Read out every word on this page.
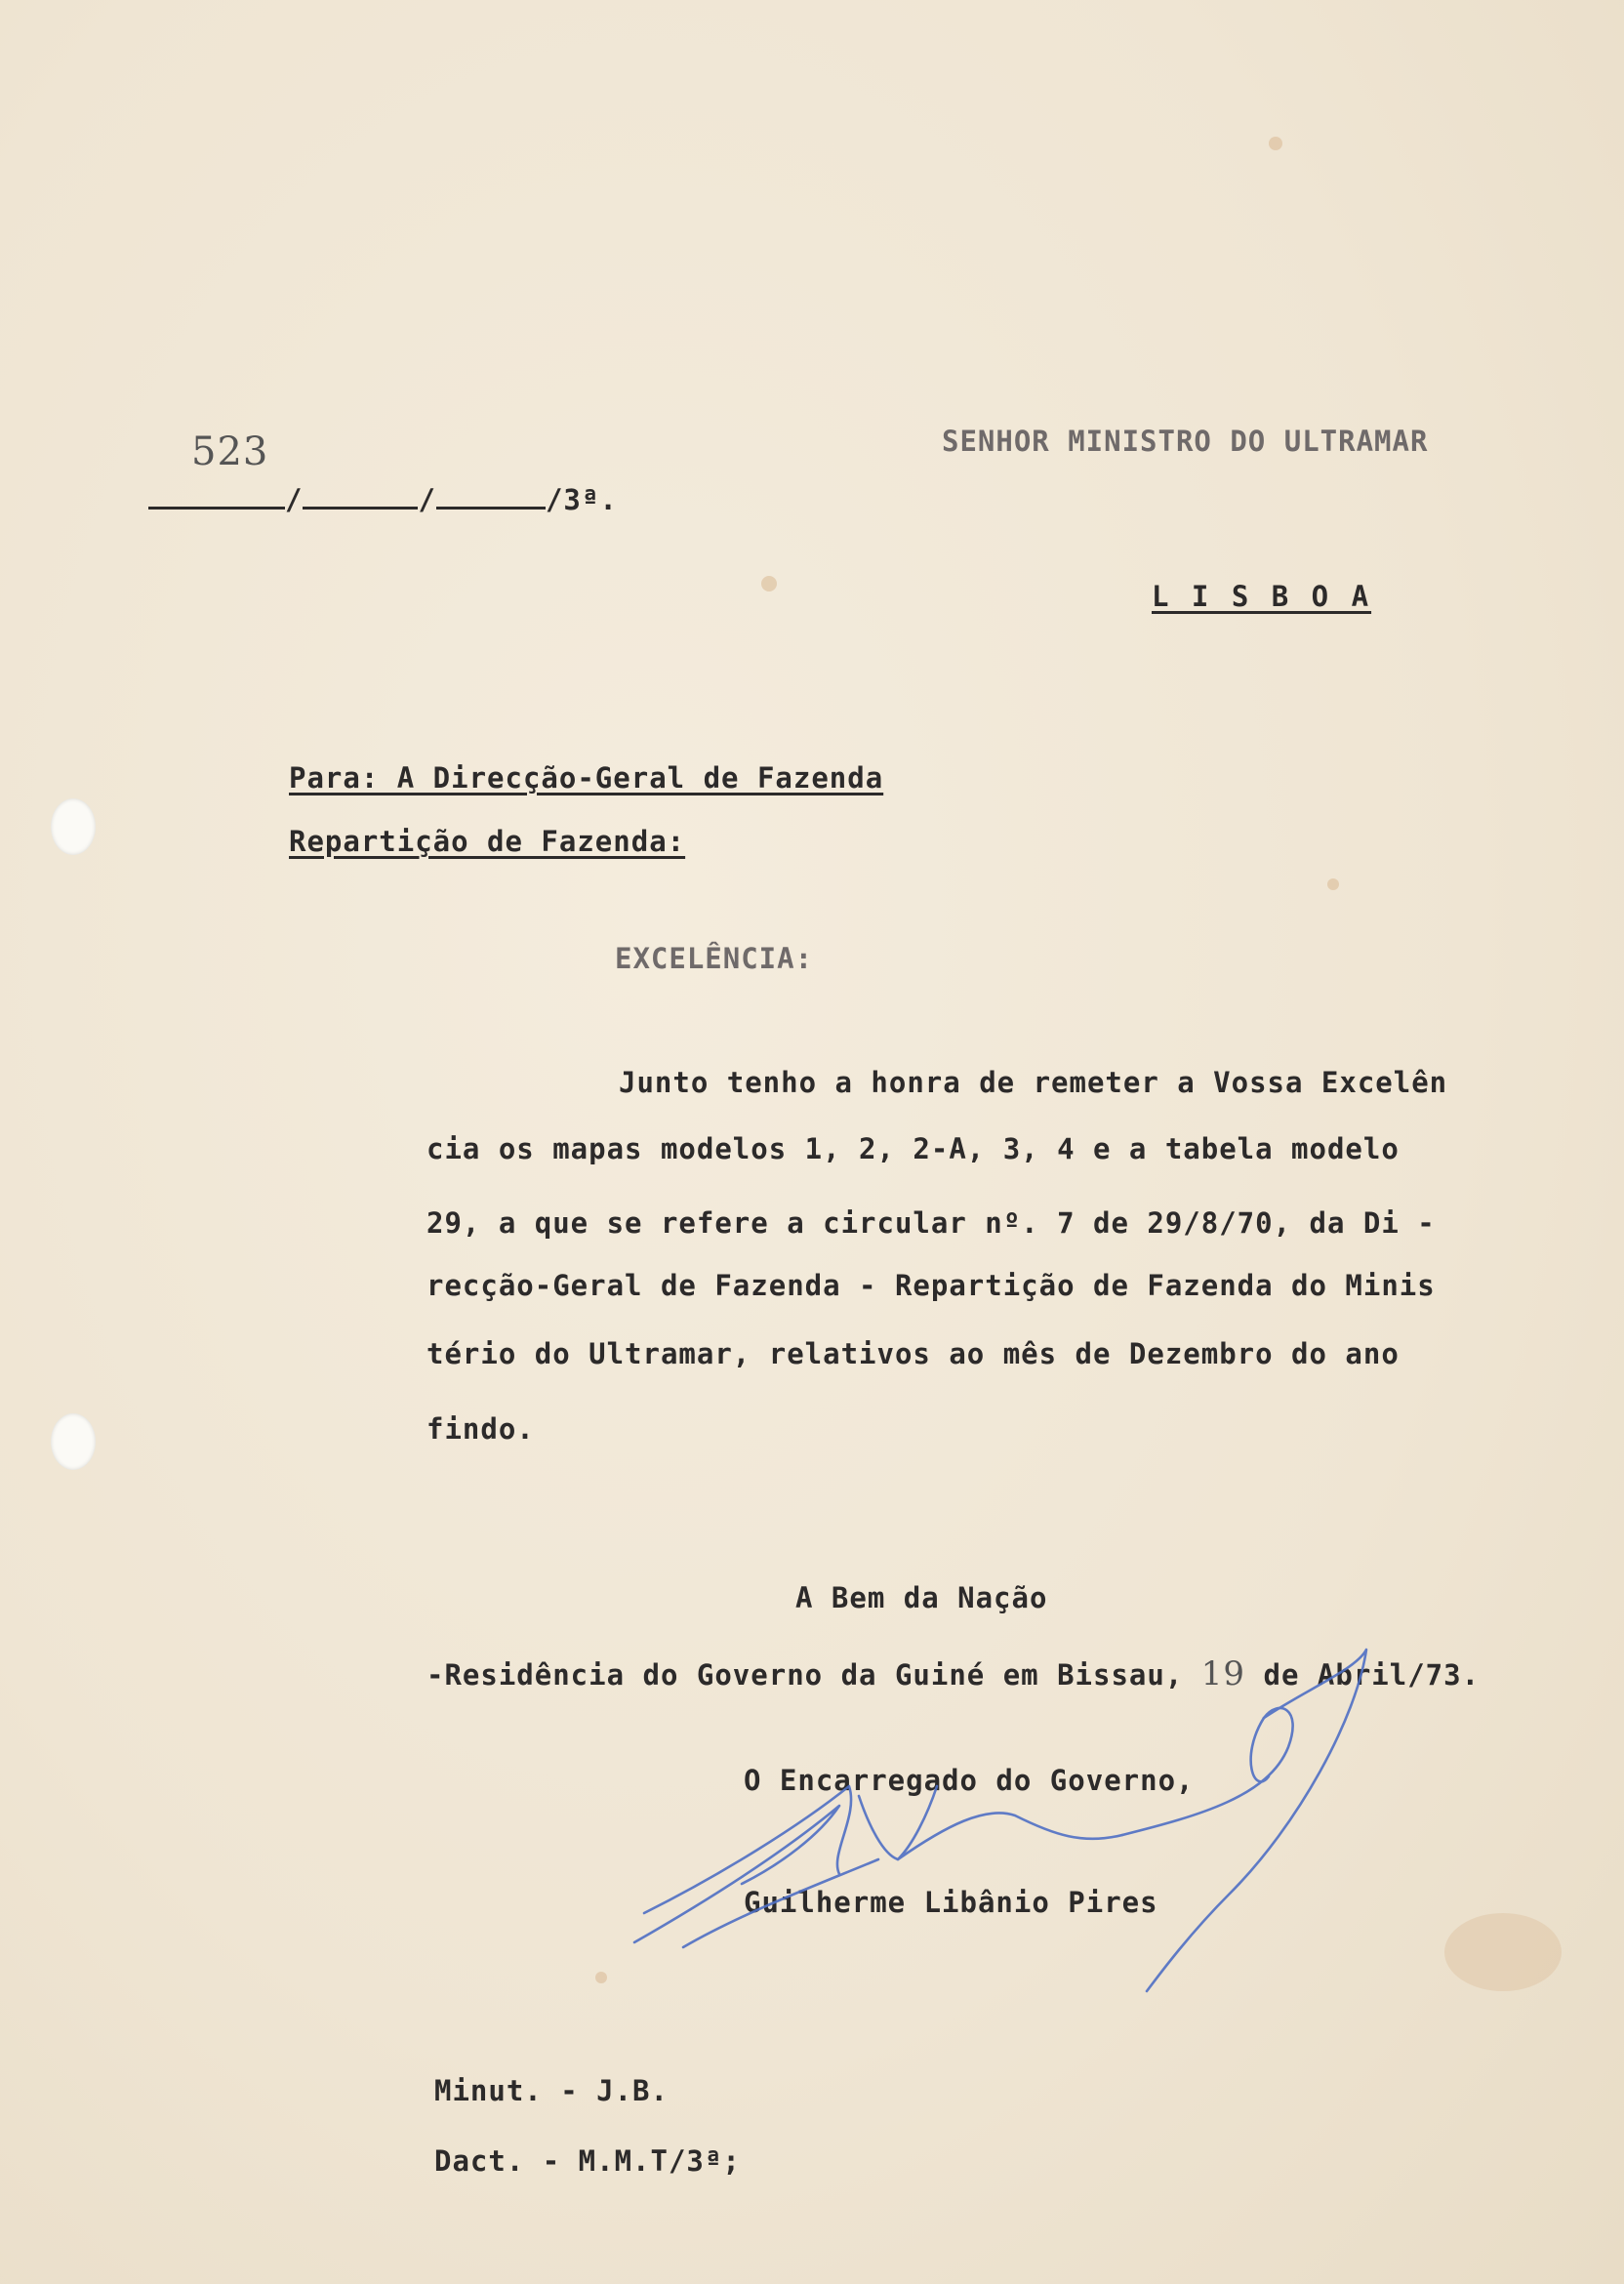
523
/	/	/3ª.
SENHOR MINISTRO DO ULTRAMAR
L I S B O A
Para: A Direcção-Geral de Fazenda
Repartição de Fazenda:
EXCELÊNCIA:
Junto tenho a honra de remeter a Vossa Excelên
cia os mapas modelos 1, 2, 2-A, 3, 4 e a tabela modelo
29, a que se refere a circular nº. 7 de 29/8/70, da Di -
recção-Geral de Fazenda - Repartição de Fazenda do Minis
tério do Ultramar, relativos ao mês de Dezembro do ano
findo.
A Bem da Nação
-Residência do Governo da Guiné em Bissau, 19 de Abril/73.
O Encarregado do Governo,
Guilherme Libânio Pires
Minut. - J.B.
Dact. - M.M.T/3ª;
